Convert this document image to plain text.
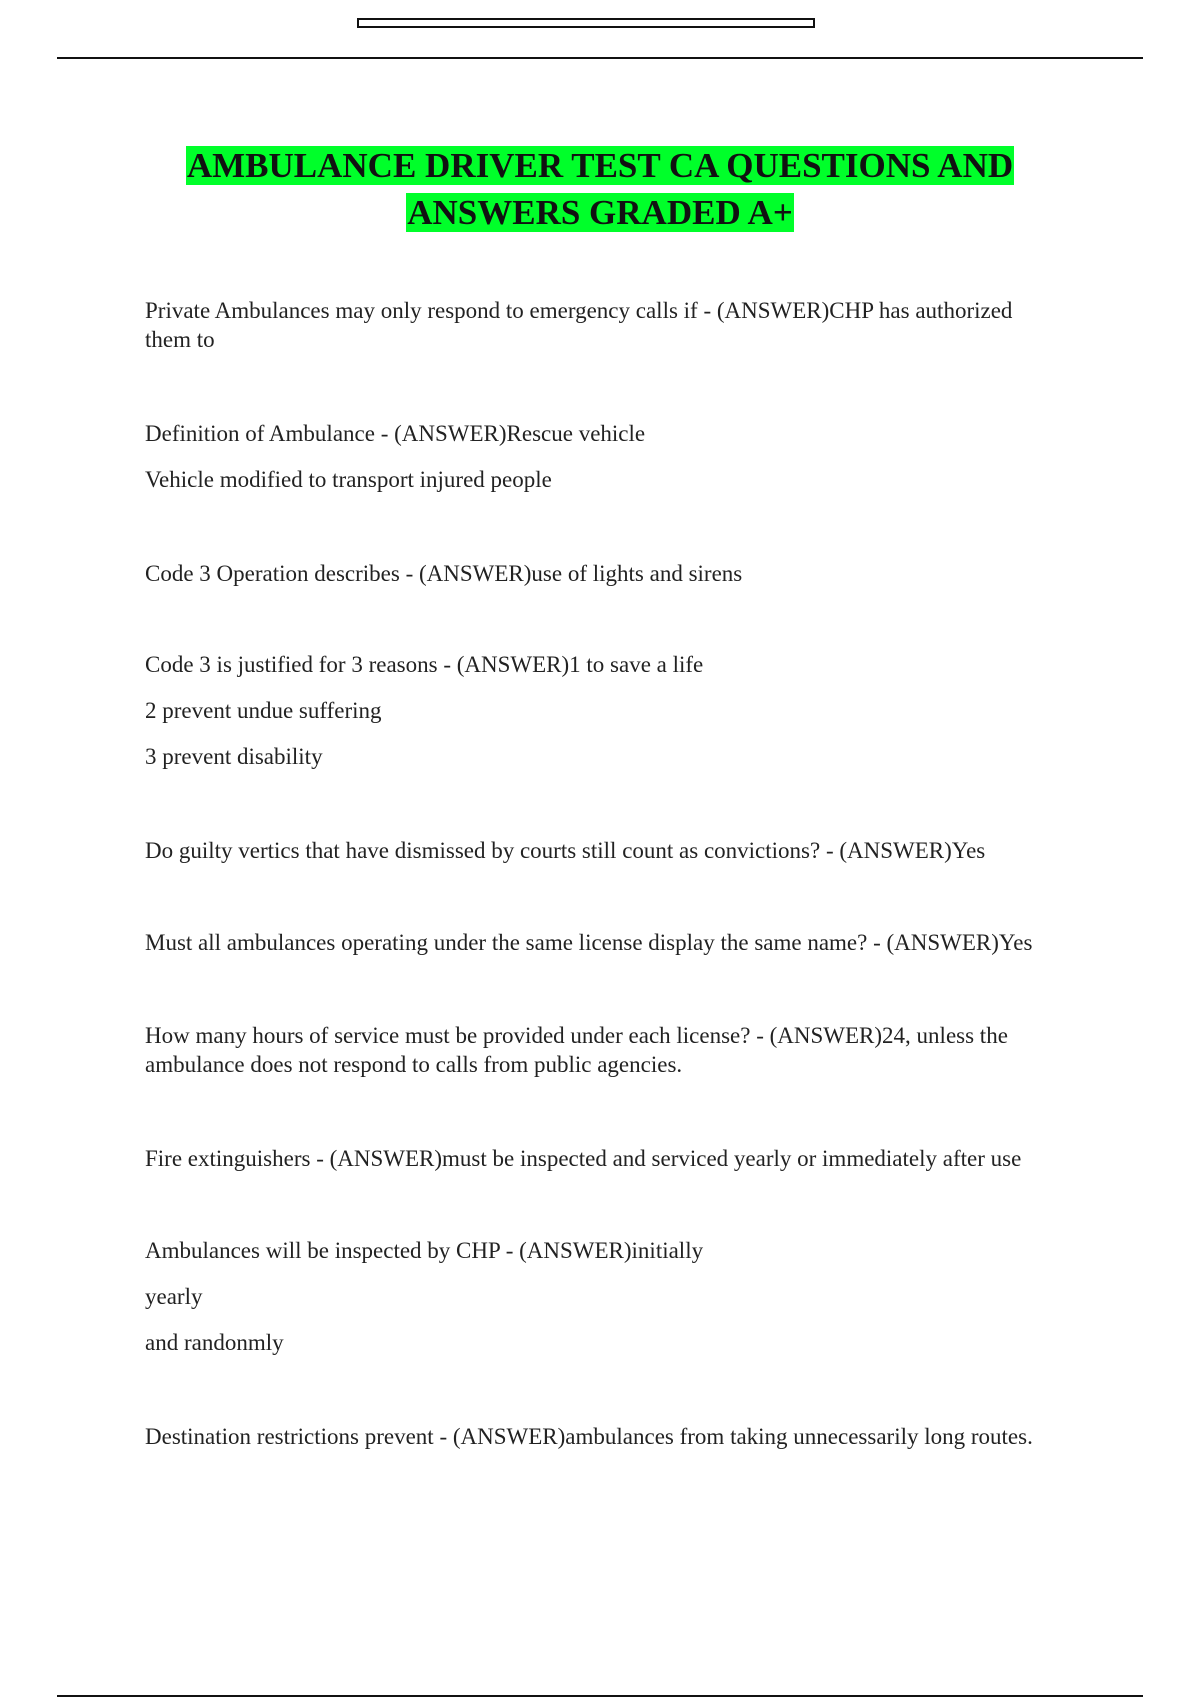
AMBULANCE DRIVER TEST CA QUESTIONS AND
ANSWERS GRADED A+
Private Ambulances may only respond to emergency calls if - (ANSWER)CHP has authorized
them to
Definition of Ambulance - (ANSWER)Rescue vehicle
Vehicle modified to transport injured people
Code 3 Operation describes - (ANSWER)use of lights and sirens
Code 3 is justified for 3 reasons - (ANSWER)1 to save a life
2 prevent undue suffering
3 prevent disability
Do guilty vertics that have dismissed by courts still count as convictions? - (ANSWER)Yes
Must all ambulances operating under the same license display the same name? - (ANSWER)Yes
How many hours of service must be provided under each license? - (ANSWER)24, unless the
ambulance does not respond to calls from public agencies.
Fire extinguishers - (ANSWER)must be inspected and serviced yearly or immediately after use
Ambulances will be inspected by CHP - (ANSWER)initially
yearly
and randonmly
Destination restrictions prevent - (ANSWER)ambulances from taking unnecessarily long routes.
